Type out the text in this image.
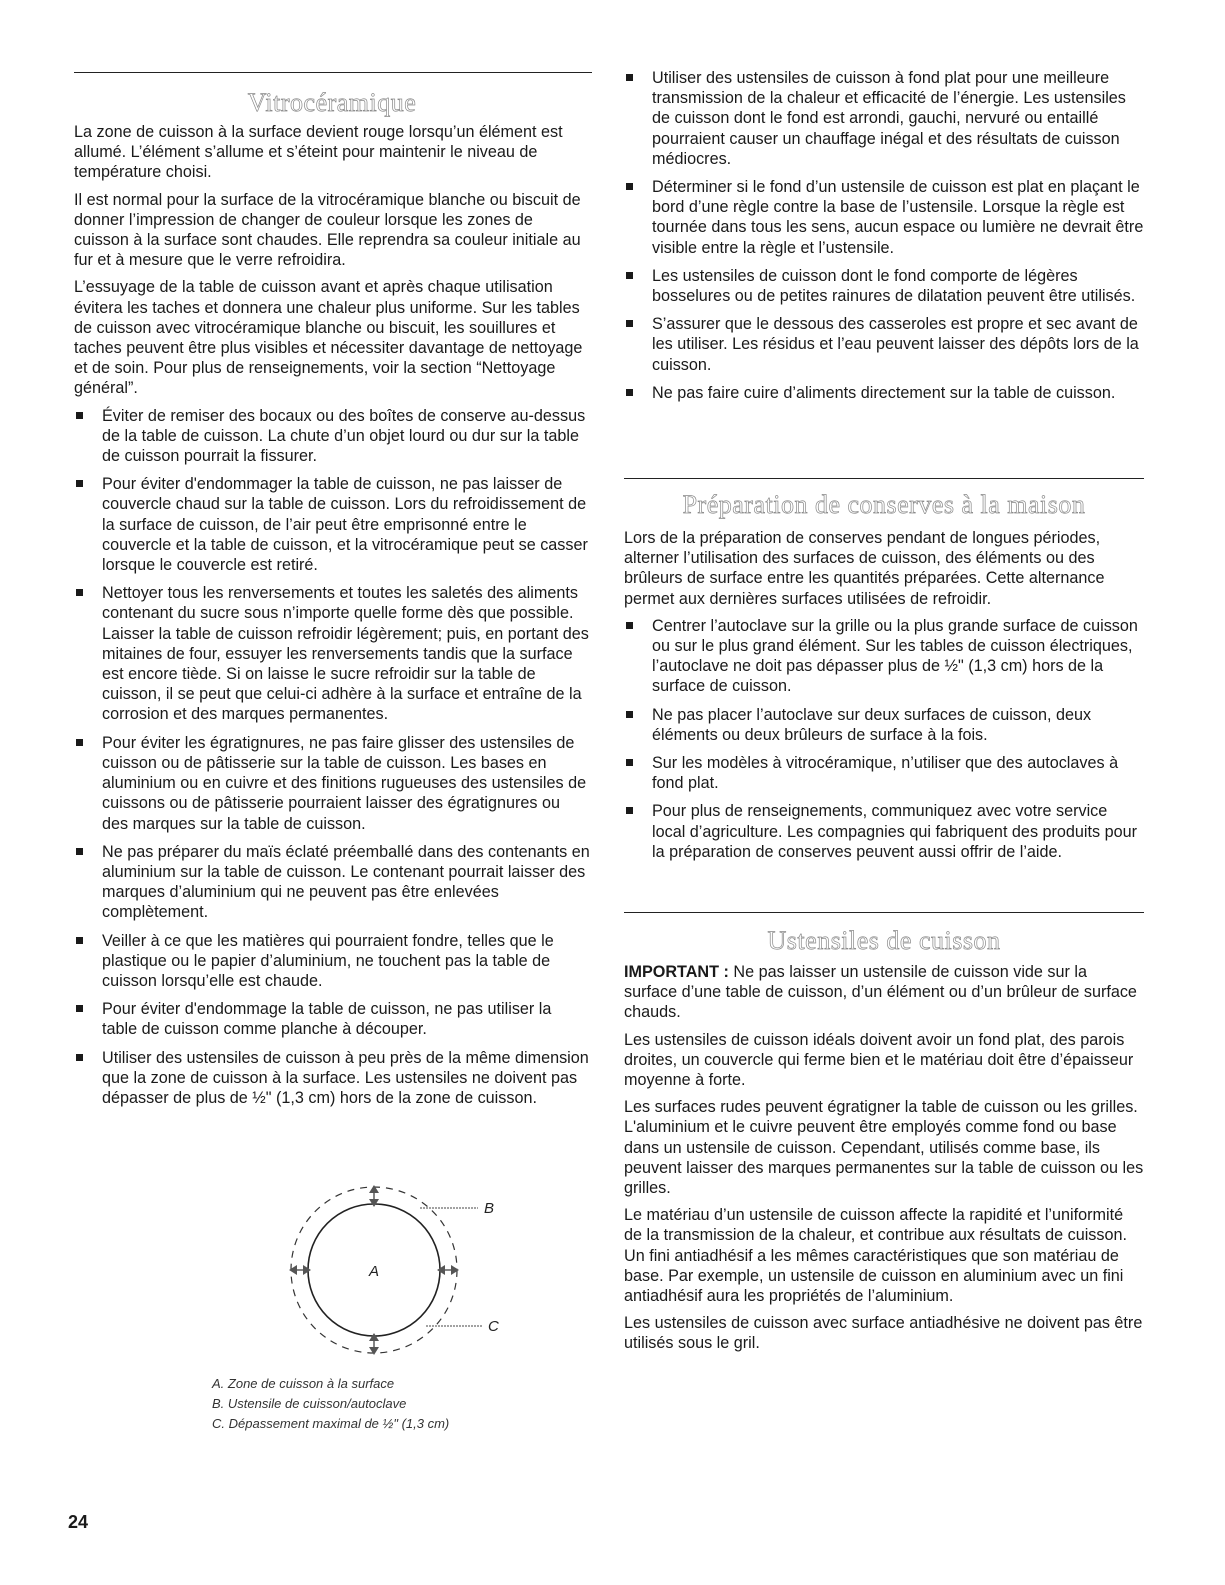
Vitrocéramique

La zone de cuisson à la surface devient rouge lorsqu’un élément est allumé. L’élément s’allume et s’éteint pour maintenir le niveau de température choisi.

Il est normal pour la surface de la vitrocéramique blanche ou biscuit de donner l’impression de changer de couleur lorsque les zones de cuisson à la surface sont chaudes. Elle reprendra sa couleur initiale au fur et à mesure que le verre refroidira.

L’essuyage de la table de cuisson avant et après chaque utilisation évitera les taches et donnera une chaleur plus uniforme. Sur les tables de cuisson avec vitrocéramique blanche ou biscuit, les souillures et taches peuvent être plus visibles et nécessiter davantage de nettoyage et de soin. Pour plus de renseignements, voir la section “Nettoyage général”.

Éviter de remiser des bocaux ou des boîtes de conserve au-dessus de la table de cuisson. La chute d’un objet lourd ou dur sur la table de cuisson pourrait la fissurer.
Pour éviter d'endommager la table de cuisson, ne pas laisser de couvercle chaud sur la table de cuisson. Lors du refroidissement de la surface de cuisson, de l’air peut être emprisonné entre le couvercle et la table de cuisson, et la vitrocéramique peut se casser lorsque le couvercle est retiré.
Nettoyer tous les renversements et toutes les saletés des aliments contenant du sucre sous n’importe quelle forme dès que possible. Laisser la table de cuisson refroidir légèrement; puis, en portant des mitaines de four, essuyer les renversements tandis que la surface est encore tiède. Si on laisse le sucre refroidir sur la table de cuisson, il se peut que celui-ci adhère à la surface et entraîne de la corrosion et des marques permanentes.
Pour éviter les égratignures, ne pas faire glisser des ustensiles de cuisson ou de pâtisserie sur la table de cuisson. Les bases en aluminium ou en cuivre et des finitions rugueuses des ustensiles de cuissons ou de pâtisserie pourraient laisser des égratignures ou des marques sur la table de cuisson.
Ne pas préparer du maïs éclaté préemballé dans des contenants en aluminium sur la table de cuisson. Le contenant pourrait laisser des marques d’aluminium qui ne peuvent pas être enlevées complètement.
Veiller à ce que les matières qui pourraient fondre, telles que le plastique ou le papier d’aluminium, ne touchent pas la table de cuisson lorsqu’elle est chaude.
Pour éviter d'endommage la table de cuisson, ne pas utiliser la table de cuisson comme planche à découper.
Utiliser des ustensiles de cuisson à peu près de la même dimension que la zone de cuisson à la surface. Les ustensiles ne doivent pas dépasser de plus de ½" (1,3 cm) hors de la zone de cuisson.
A
B
C
A. Zone de cuisson à la surface
B. Ustensile de cuisson/autoclave
C. Dépassement maximal de ½" (1,3 cm)
Utiliser des ustensiles de cuisson à fond plat pour une meilleure transmission de la chaleur et efficacité de l’énergie. Les ustensiles de cuisson dont le fond est arrondi, gauchi, nervuré ou entaillé pourraient causer un chauffage inégal et des résultats de cuisson médiocres.
Déterminer si le fond d’un ustensile de cuisson est plat en plaçant le bord d’une règle contre la base de l’ustensile. Lorsque la règle est tournée dans tous les sens, aucun espace ou lumière ne devrait être visible entre la règle et l’ustensile.
Les ustensiles de cuisson dont le fond comporte de légères bosselures ou de petites rainures de dilatation peuvent être utilisés.
S’assurer que le dessous des casseroles est propre et sec avant de les utiliser. Les résidus et l’eau peuvent laisser des dépôts lors de la cuisson.
Ne pas faire cuire d’aliments directement sur la table de cuisson.
Préparation de conserves à la maison

Lors de la préparation de conserves pendant de longues périodes, alterner l’utilisation des surfaces de cuisson, des éléments ou des brûleurs de surface entre les quantités préparées. Cette alternance permet aux dernières surfaces utilisées de refroidir.

Centrer l’autoclave sur la grille ou la plus grande surface de cuisson ou sur le plus grand élément. Sur les tables de cuisson électriques, l’autoclave ne doit pas dépasser plus de ½" (1,3 cm) hors de la surface de cuisson.
Ne pas placer l’autoclave sur deux surfaces de cuisson, deux éléments ou deux brûleurs de surface à la fois.
Sur les modèles à vitrocéramique, n’utiliser que des autoclaves à fond plat.
Pour plus de renseignements, communiquez avec votre service local d’agriculture. Les compagnies qui fabriquent des produits pour la préparation de conserves peuvent aussi offrir de l’aide.
Ustensiles de cuisson

IMPORTANT : Ne pas laisser un ustensile de cuisson vide sur la surface d’une table de cuisson, d’un élément ou d’un brûleur de surface chauds.

Les ustensiles de cuisson idéals doivent avoir un fond plat, des parois droites, un couvercle qui ferme bien et le matériau doit être d’épaisseur moyenne à forte.

Les surfaces rudes peuvent égratigner la table de cuisson ou les grilles. L'aluminium et le cuivre peuvent être employés comme fond ou base dans un ustensile de cuisson. Cependant, utilisés comme base, ils peuvent laisser des marques permanentes sur la table de cuisson ou les grilles.

Le matériau d’un ustensile de cuisson affecte la rapidité et l’uniformité de la transmission de la chaleur, et contribue aux résultats de cuisson. Un fini antiadhésif a les mêmes caractéristiques que son matériau de base. Par exemple, un ustensile de cuisson en aluminium avec un fini antiadhésif aura les propriétés de l’aluminium.

Les ustensiles de cuisson avec surface antiadhésive ne doivent pas être utilisés sous le gril.

24
